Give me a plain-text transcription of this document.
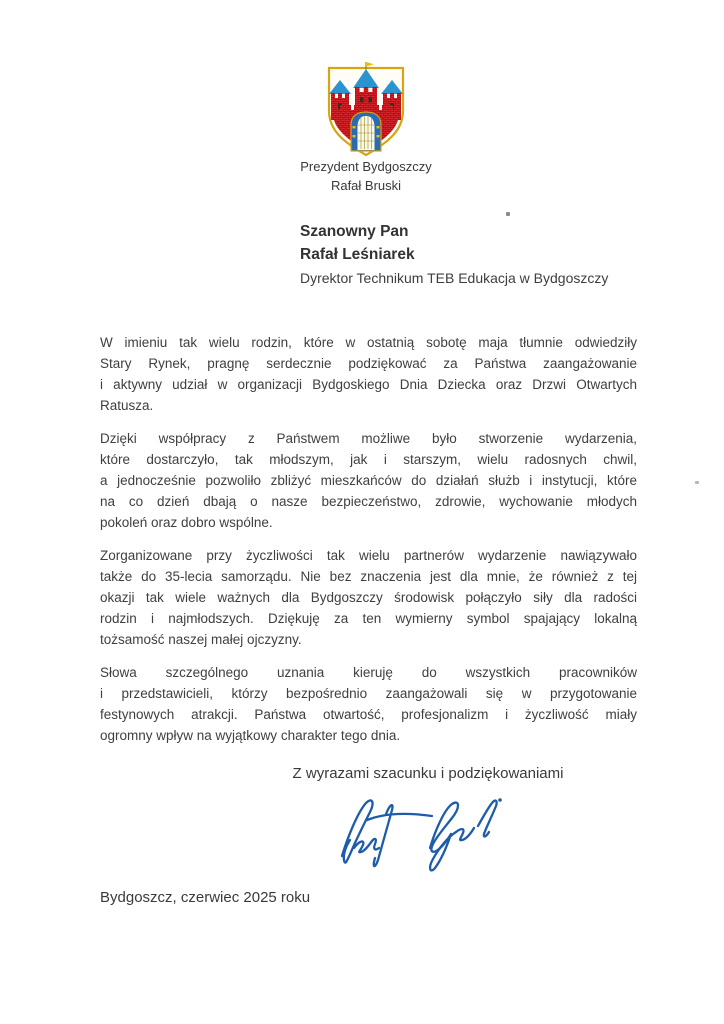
Prezydent Bydgoszczy
Rafał Bruski
Szanowny Pan
Rafał Leśniarek
Dyrektor Technikum TEB Edukacja w Bydgoszczy
W imieniu tak wielu rodzin, które w ostatnią sobotę maja tłumnie odwiedziły
Stary Rynek, pragnę serdecznie podziękować za Państwa zaangażowanie
i aktywny udział w organizacji Bydgoskiego Dnia Dziecka oraz Drzwi Otwartych
Ratusza.
Dzięki współpracy z Państwem możliwe było stworzenie wydarzenia,
które dostarczyło, tak młodszym, jak i starszym, wielu radosnych chwil,
a jednocześnie pozwoliło zbliżyć mieszkańców do działań służb i instytucji, które
na co dzień dbają o nasze bezpieczeństwo, zdrowie, wychowanie młodych
pokoleń oraz dobro wspólne.
Zorganizowane przy życzliwości tak wielu partnerów wydarzenie nawiązywało
także do 35-lecia samorządu. Nie bez znaczenia jest dla mnie, że również z tej
okazji tak wiele ważnych dla Bydgoszczy środowisk połączyło siły dla radości
rodzin i najmłodszych. Dziękuję za ten wymierny symbol spajający lokalną
tożsamość naszej małej ojczyzny.
Słowa szczególnego uznania kieruję do wszystkich pracowników
i przedstawicieli, którzy bezpośrednio zaangażowali się w przygotowanie
festynowych atrakcji. Państwa otwartość, profesjonalizm i życzliwość miały
ogromny wpływ na wyjątkowy charakter tego dnia.
Z wyrazami szacunku i podziękowaniami
Bydgoszcz, czerwiec 2025 roku
